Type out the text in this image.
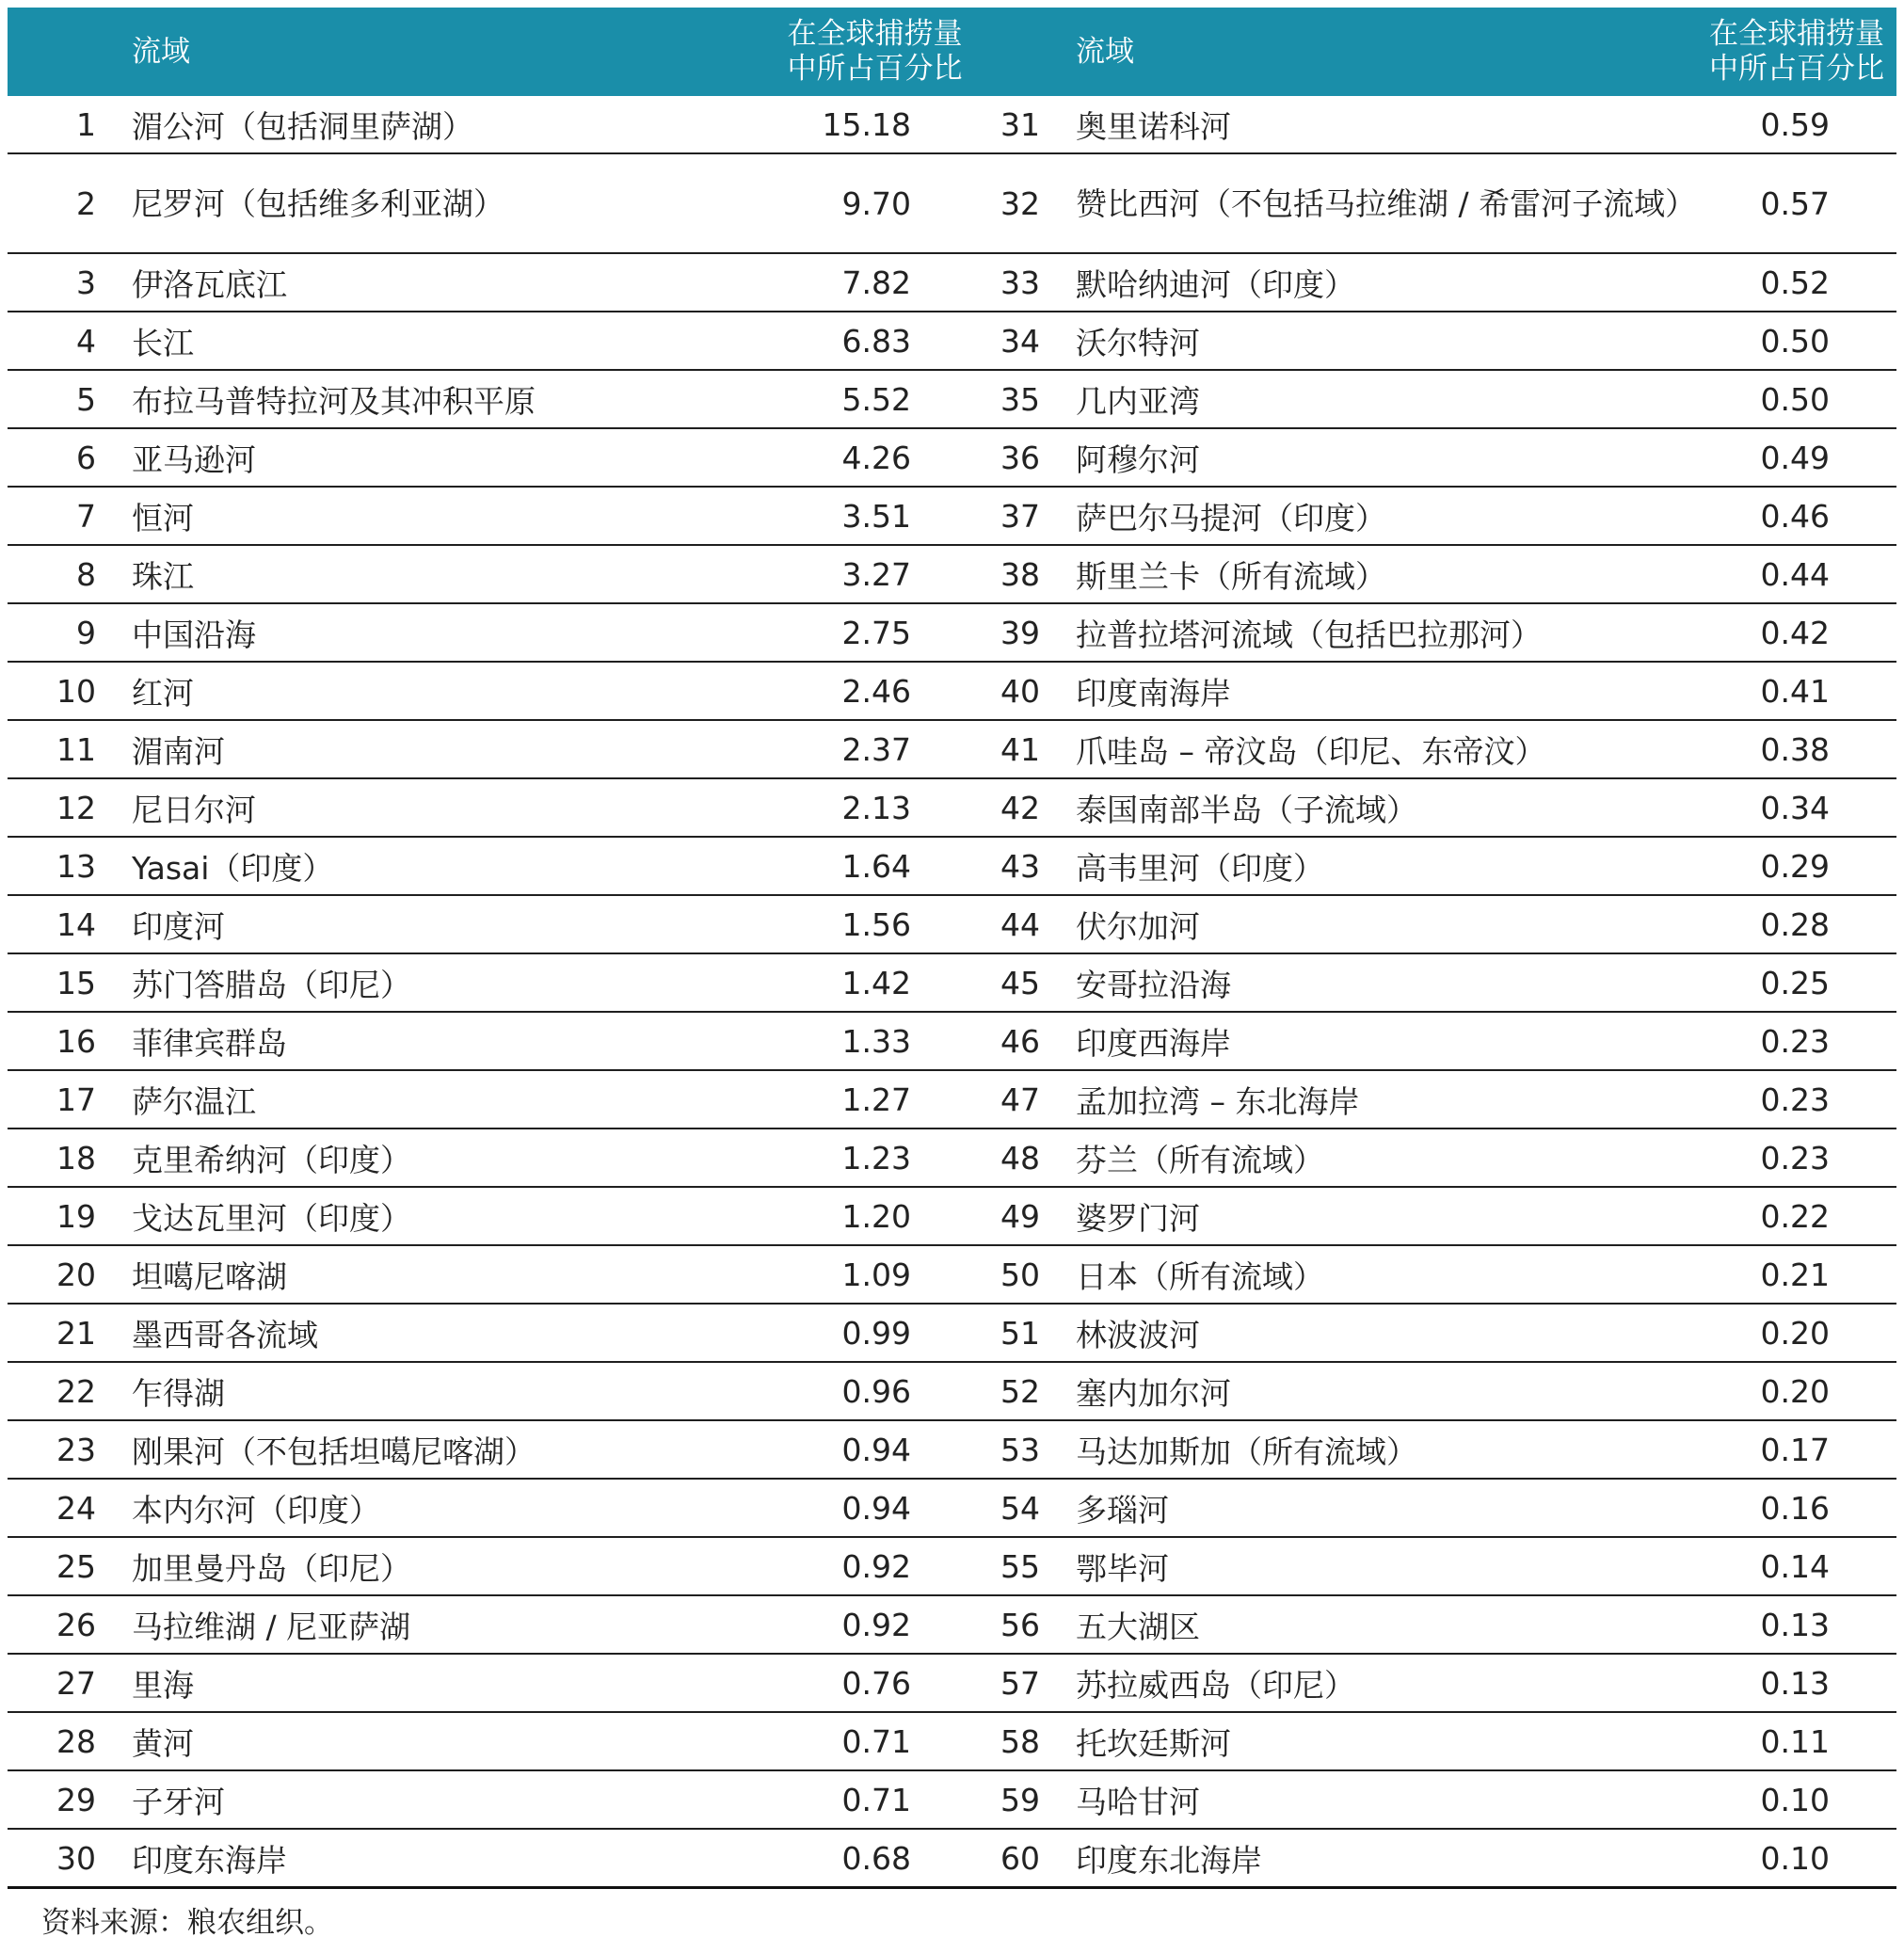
	流域	在全球捕捞量中所占百分比		流域	在全球捕捞量中所占百分比
1	湄公河（包括洞里萨湖）	15.18	31	奥里诺科河	0.59
2	尼罗河（包括维多利亚湖）	9.70	32	赞比西河（不包括马拉维湖 / 希雷河子流域）	0.57
3	伊洛瓦底江	7.82	33	默哈纳迪河（印度）	0.52
4	长江	6.83	34	沃尔特河	0.50
5	布拉马普特拉河及其冲积平原	5.52	35	几内亚湾	0.50
6	亚马逊河	4.26	36	阿穆尔河	0.49
7	恒河	3.51	37	萨巴尔马提河（印度）	0.46
8	珠江	3.27	38	斯里兰卡（所有流域）	0.44
9	中国沿海	2.75	39	拉普拉塔河流域（包括巴拉那河）	0.42
10	红河	2.46	40	印度南海岸	0.41
11	湄南河	2.37	41	爪哇岛 – 帝汶岛（印尼、东帝汶）	0.38
12	尼日尔河	2.13	42	泰国南部半岛（子流域）	0.34
13	Yasai（印度）	1.64	43	高韦里河（印度）	0.29
14	印度河	1.56	44	伏尔加河	0.28
15	苏门答腊岛（印尼）	1.42	45	安哥拉沿海	0.25
16	菲律宾群岛	1.33	46	印度西海岸	0.23
17	萨尔温江	1.27	47	孟加拉湾 – 东北海岸	0.23
18	克里希纳河（印度）	1.23	48	芬兰（所有流域）	0.23
19	戈达瓦里河（印度）	1.20	49	婆罗门河	0.22
20	坦噶尼喀湖	1.09	50	日本（所有流域）	0.21
21	墨西哥各流域	0.99	51	林波波河	0.20
22	乍得湖	0.96	52	塞内加尔河	0.20
23	刚果河（不包括坦噶尼喀湖）	0.94	53	马达加斯加（所有流域）	0.17
24	本内尔河（印度）	0.94	54	多瑙河	0.16
25	加里曼丹岛（印尼）	0.92	55	鄂毕河	0.14
26	马拉维湖 / 尼亚萨湖	0.92	56	五大湖区	0.13
27	里海	0.76	57	苏拉威西岛（印尼）	0.13
28	黄河	0.71	58	托坎廷斯河	0.11
29	子牙河	0.71	59	马哈甘河	0.10
30	印度东海岸	0.68	60	印度东北海岸	0.10
资料来源：粮农组织。
